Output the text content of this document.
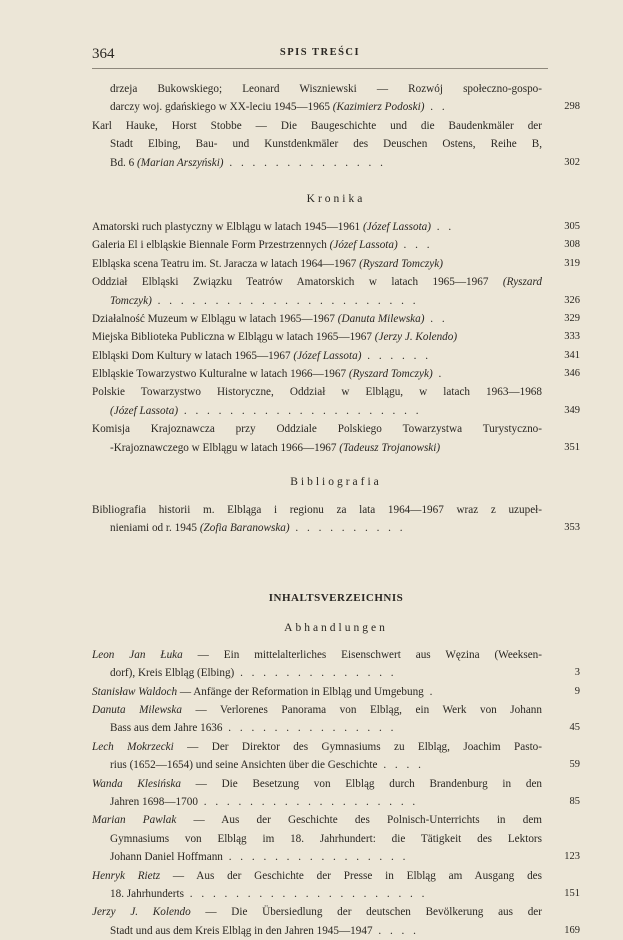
364	SPIS TREŚCI
drzeja Bukowskiego; Leonard Wiszniewski — Rozwój społeczno-gospo-
darczy woj. gdańskiego w XX-leciu 1945—1965 (Kazimierz Podoski) . .	298
Karl Hauke, Horst Stobbe — Die Baugeschichte und die Baudenkmäler der
Stadt Elbing, Bau- und Kunstdenkmäler des Deuschen Ostens, Reihe B,
Bd. 6 (Marian Arszyński) . . . . . . . . . . . . . .	302
Kronika
Amatorski ruch plastyczny w Elblągu w latach 1945—1961 (Józef Lassota) . .	305
Galeria El i elbląskie Biennale Form Przestrzennych (Józef Lassota) . . .	308
Elbląska scena Teatru im. St. Jaracza w latach 1964—1967 (Ryszard Tomczyk)	319
Oddział Elbląski Związku Teatrów Amatorskich w latach 1965—1967 (Ryszard
Tomczyk) . . . . . . . . . . . . . . . . . . . . . . .	326
Działalność Muzeum w Elblągu w latach 1965—1967 (Danuta Milewska) . .	329
Miejska Biblioteka Publiczna w Elblągu w latach 1965—1967 (Jerzy J. Kolendo)	333
Elbląski Dom Kultury w latach 1965—1967 (Józef Lassota) . . . . . .	341
Elbląskie Towarzystwo Kulturalne w latach 1966—1967 (Ryszard Tomczyk) .	346
Polskie Towarzystwo Historyczne, Oddział w Elblągu, w latach 1963—1968
(Józef Lassota) . . . . . . . . . . . . . . . . . . . . .	349
Komisja Krajoznawcza przy Oddziale Polskiego Towarzystwa Turystyczno-
-Krajoznawczego w Elblągu w latach 1966—1967 (Tadeusz Trojanowski)	351
Bibliografia
Bibliografia historii m. Elbląga i regionu za lata 1964—1967 wraz z uzupeł-
nieniami od r. 1945 (Zofia Baranowska) . . . . . . . . . .	353
INHALTSVERZEICHNIS
Abhandlungen
Leon Jan Łuka — Ein mittelalterliches Eisenschwert aus Węzina (Weeksen-
dorf), Kreis Elbląg (Elbing) . . . . . . . . . . . . . .	3
Stanisław Waldoch — Anfänge der Reformation in Elbląg und Umgebung .	9
Danuta Milewska — Verlorenes Panorama von Elbląg, ein Werk von Johann
Bass aus dem Jahre 1636 . . . . . . . . . . . . . . .	45
Lech Mokrzecki — Der Direktor des Gymnasiums zu Elbląg, Joachim Pasto-
rius (1652—1654) und seine Ansichten über die Geschichte . . . .	59
Wanda Klesińska — Die Besetzung von Elbląg durch Brandenburg in den
Jahren 1698—1700 . . . . . . . . . . . . . . . . . . .	85
Marian Pawlak — Aus der Geschichte des Polnisch-Unterrichts in dem
Gymnasiums von Elbląg im 18. Jahrhundert: die Tätigkeit des Lektors
Johann Daniel Hoffmann . . . . . . . . . . . . . . . .	123
Henryk Rietz — Aus der Geschichte der Presse in Elbląg am Ausgang des
18. Jahrhunderts . . . . . . . . . . . . . . . . . . . . .	151
Jerzy J. Kolendo — Die Übersiedlung der deutschen Bevölkerung aus der
Stadt und aus dem Kreis Elbląg in den Jahren 1945—1947 . . . .	169
